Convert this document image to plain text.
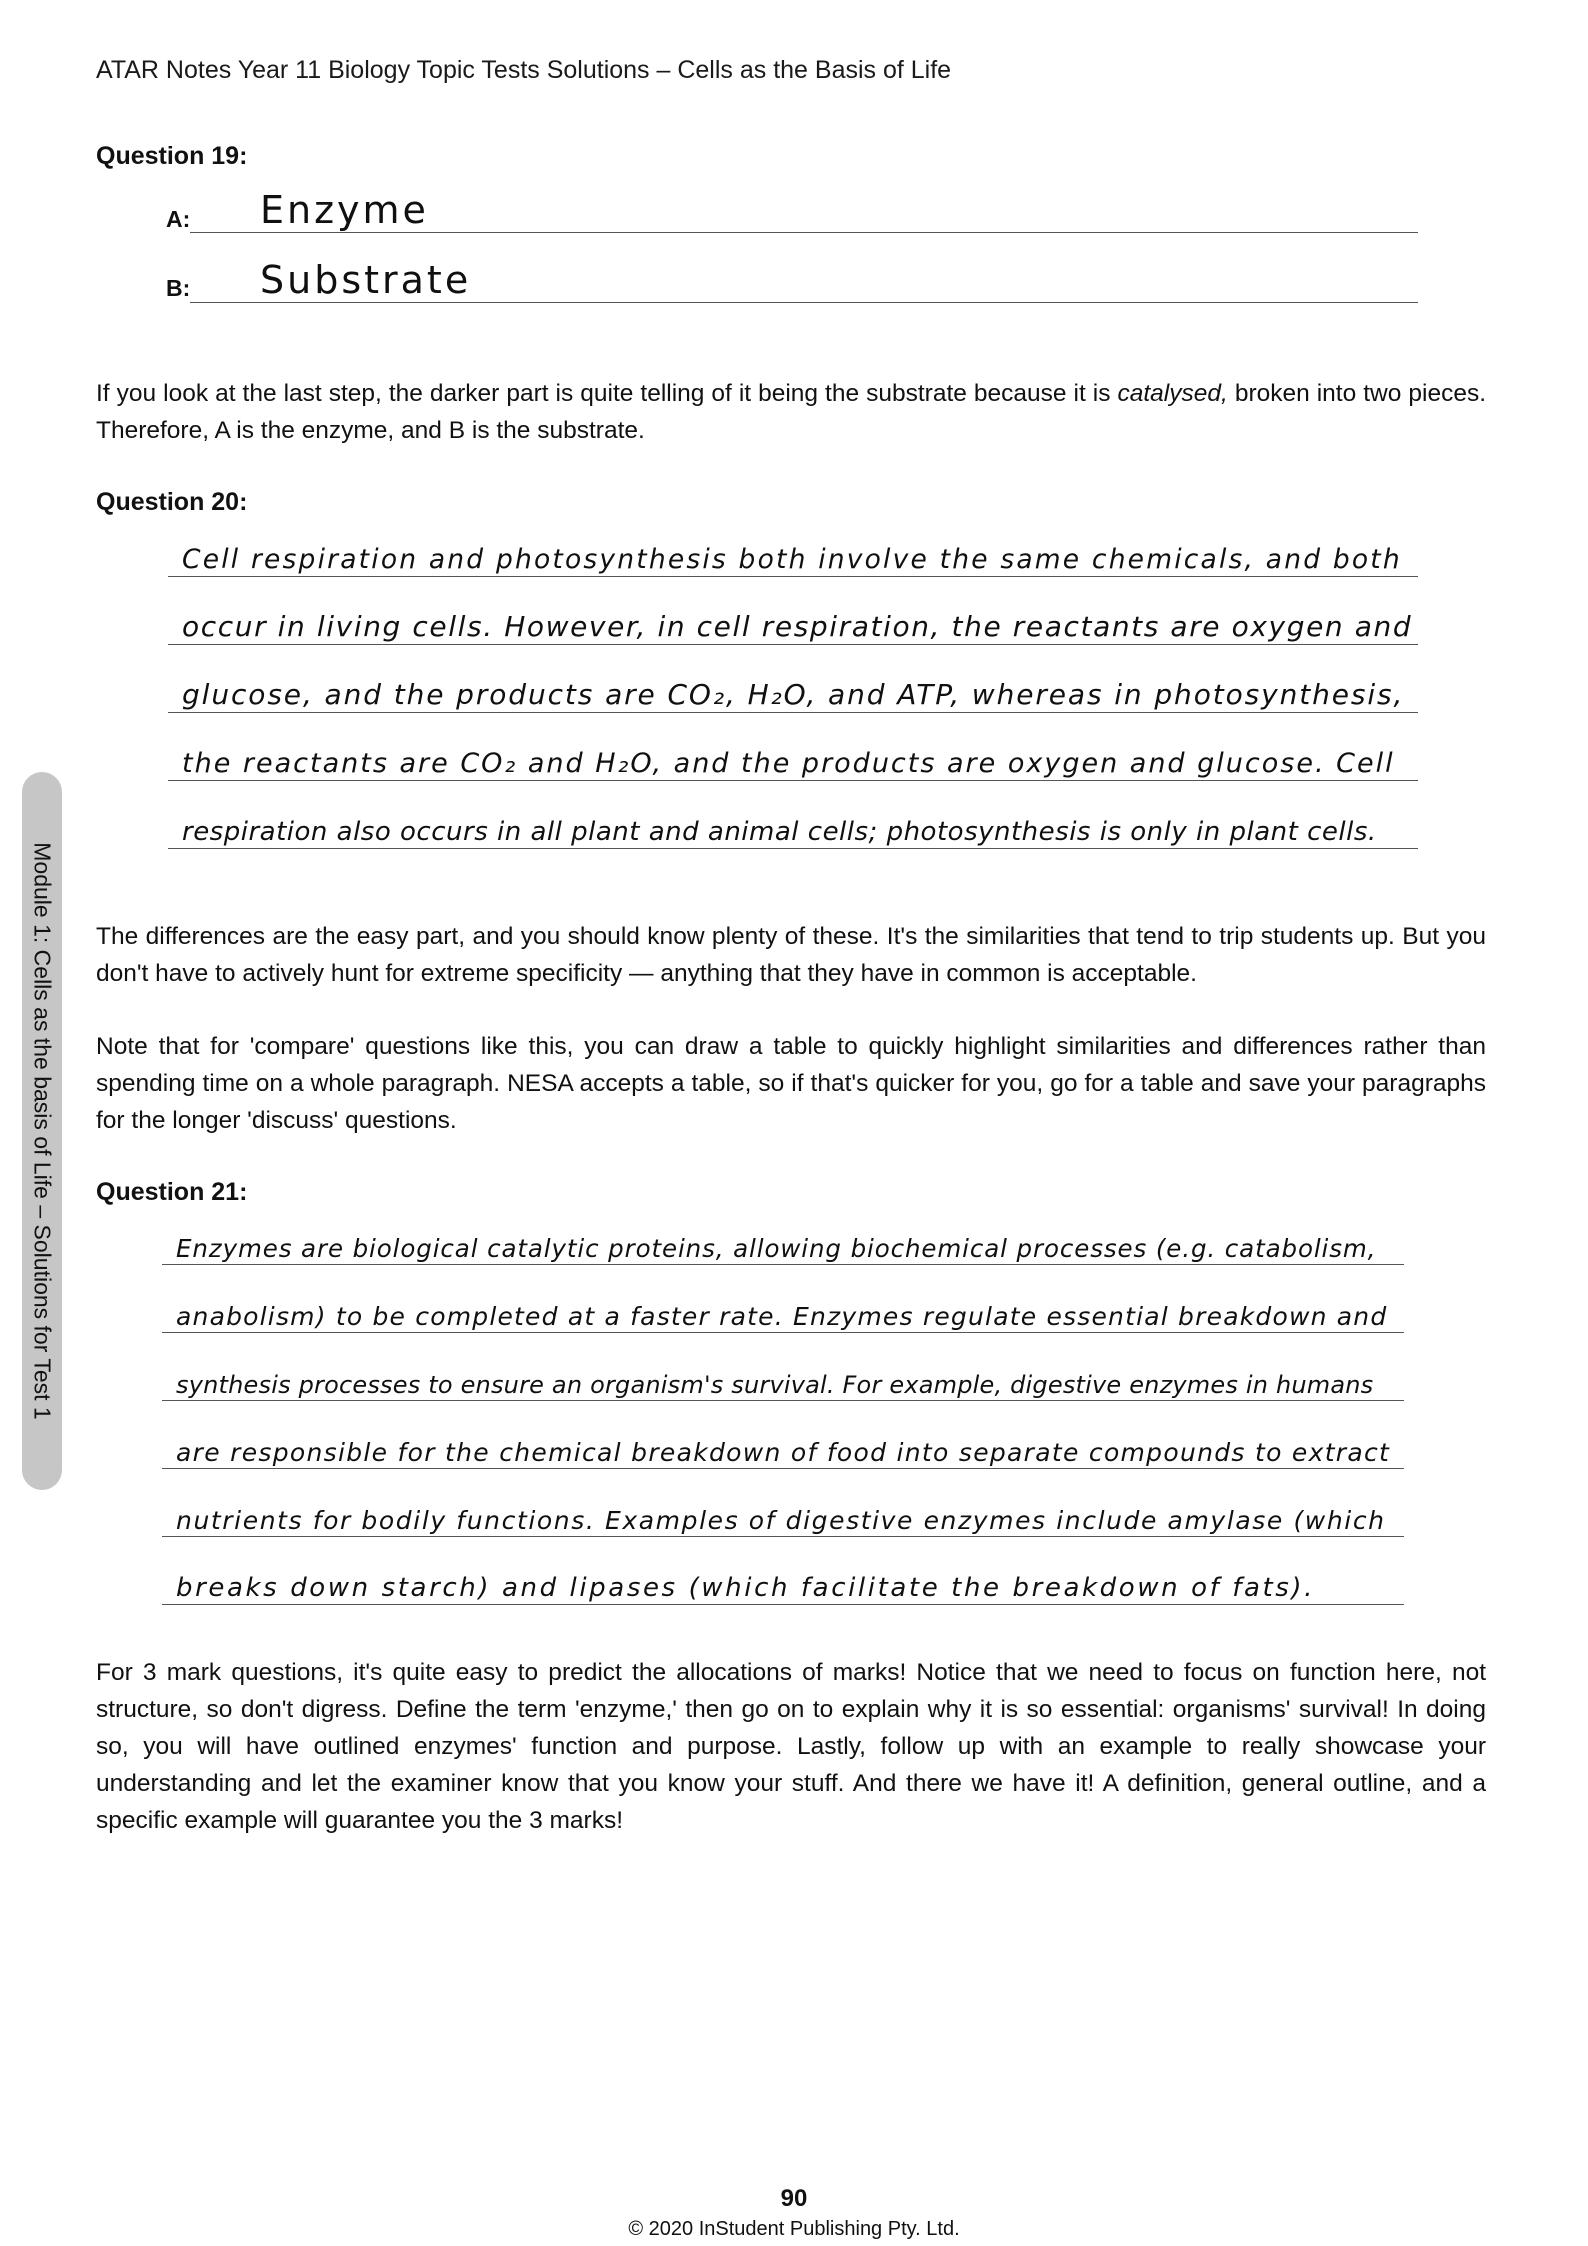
ATAR Notes Year 11 Biology Topic Tests Solutions – Cells as the Basis of Life
Question 19:
A: Enzyme
B: Substrate

If you look at the last step, the darker part is quite telling of it being the substrate because it is catalysed, broken into two pieces. Therefore, A is the enzyme, and B is the substrate.

Question 20:
Cell respiration and photosynthesis both involve the same chemicals, and both
occur in living cells. However, in cell respiration, the reactants are oxygen and
glucose, and the products are CO₂, H₂O, and ATP, whereas in photosynthesis,
the reactants are CO₂ and H₂O, and the products are oxygen and glucose. Cell
respiration also occurs in all plant and animal cells; photosynthesis is only in plant cells.

The differences are the easy part, and you should know plenty of these. It's the similarities that tend to trip students up. But you don't have to actively hunt for extreme specificity — anything that they have in common is acceptable.

Note that for 'compare' questions like this, you can draw a table to quickly highlight similarities and differences rather than spending time on a whole paragraph. NESA accepts a table, so if that's quicker for you, go for a table and save your paragraphs for the longer 'discuss' questions.

Question 21:
Enzymes are biological catalytic proteins, allowing biochemical processes (e.g. catabolism,
anabolism) to be completed at a faster rate. Enzymes regulate essential breakdown and
synthesis processes to ensure an organism's survival. For example, digestive enzymes in humans
are responsible for the chemical breakdown of food into separate compounds to extract
nutrients for bodily functions. Examples of digestive enzymes include amylase (which
breaks down starch) and lipases (which facilitate the breakdown of fats).

For 3 mark questions, it's quite easy to predict the allocations of marks! Notice that we need to focus on function here, not structure, so don't digress. Define the term 'enzyme,' then go on to explain why it is so essential: organisms' survival! In doing so, you will have outlined enzymes' function and purpose. Lastly, follow up with an example to really showcase your understanding and let the examiner know that you know your stuff. And there we have it! A definition, general outline, and a specific example will guarantee you the 3 marks!

Module 1: Cells as the basis of Life – Solutions for Test 1
90
© 2020 InStudent Publishing Pty. Ltd.
